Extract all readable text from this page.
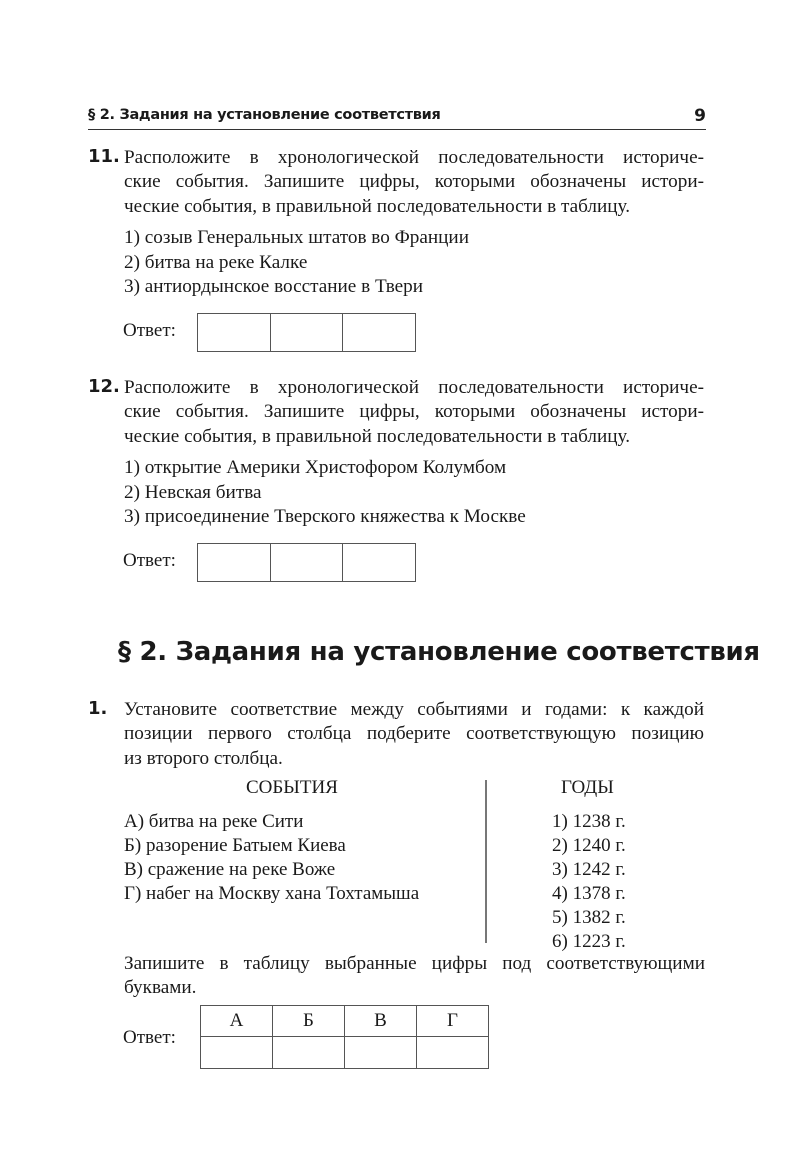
§ 2. Задания на установление соответствия	9
11. Расположите в хронологической последовательности историче-
ские события. Запишите цифры, которыми обозначены истори-
ческие события, в правильной последовательности в таблицу.
1) созыв Генеральных штатов во Франции
2) битва на реке Калке
3) антиордынское восстание в Твери
Ответ:
12. Расположите в хронологической последовательности историче-
ские события. Запишите цифры, которыми обозначены истори-
ческие события, в правильной последовательности в таблицу.
1) открытие Америки Христофором Колумбом
2) Невская битва
3) присоединение Тверского княжества к Москве
Ответ:
§ 2. Задания на установление соответствия
1. Установите соответствие между событиями и годами: к каждой
позиции первого столбца подберите соответствующую позицию
из второго столбца.
СОБЫТИЯ	ГОДЫ
А) битва на реке Сити
Б) разорение Батыем Киева
В) сражение на реке Воже
Г) набег на Москву хана Тохтамыша
1) 1238 г.
2) 1240 г.
3) 1242 г.
4) 1378 г.
5) 1382 г.
6) 1223 г.
Запишите в таблицу выбранные цифры под соответствующими
буквами.
Ответ:
А	Б	В	Г
